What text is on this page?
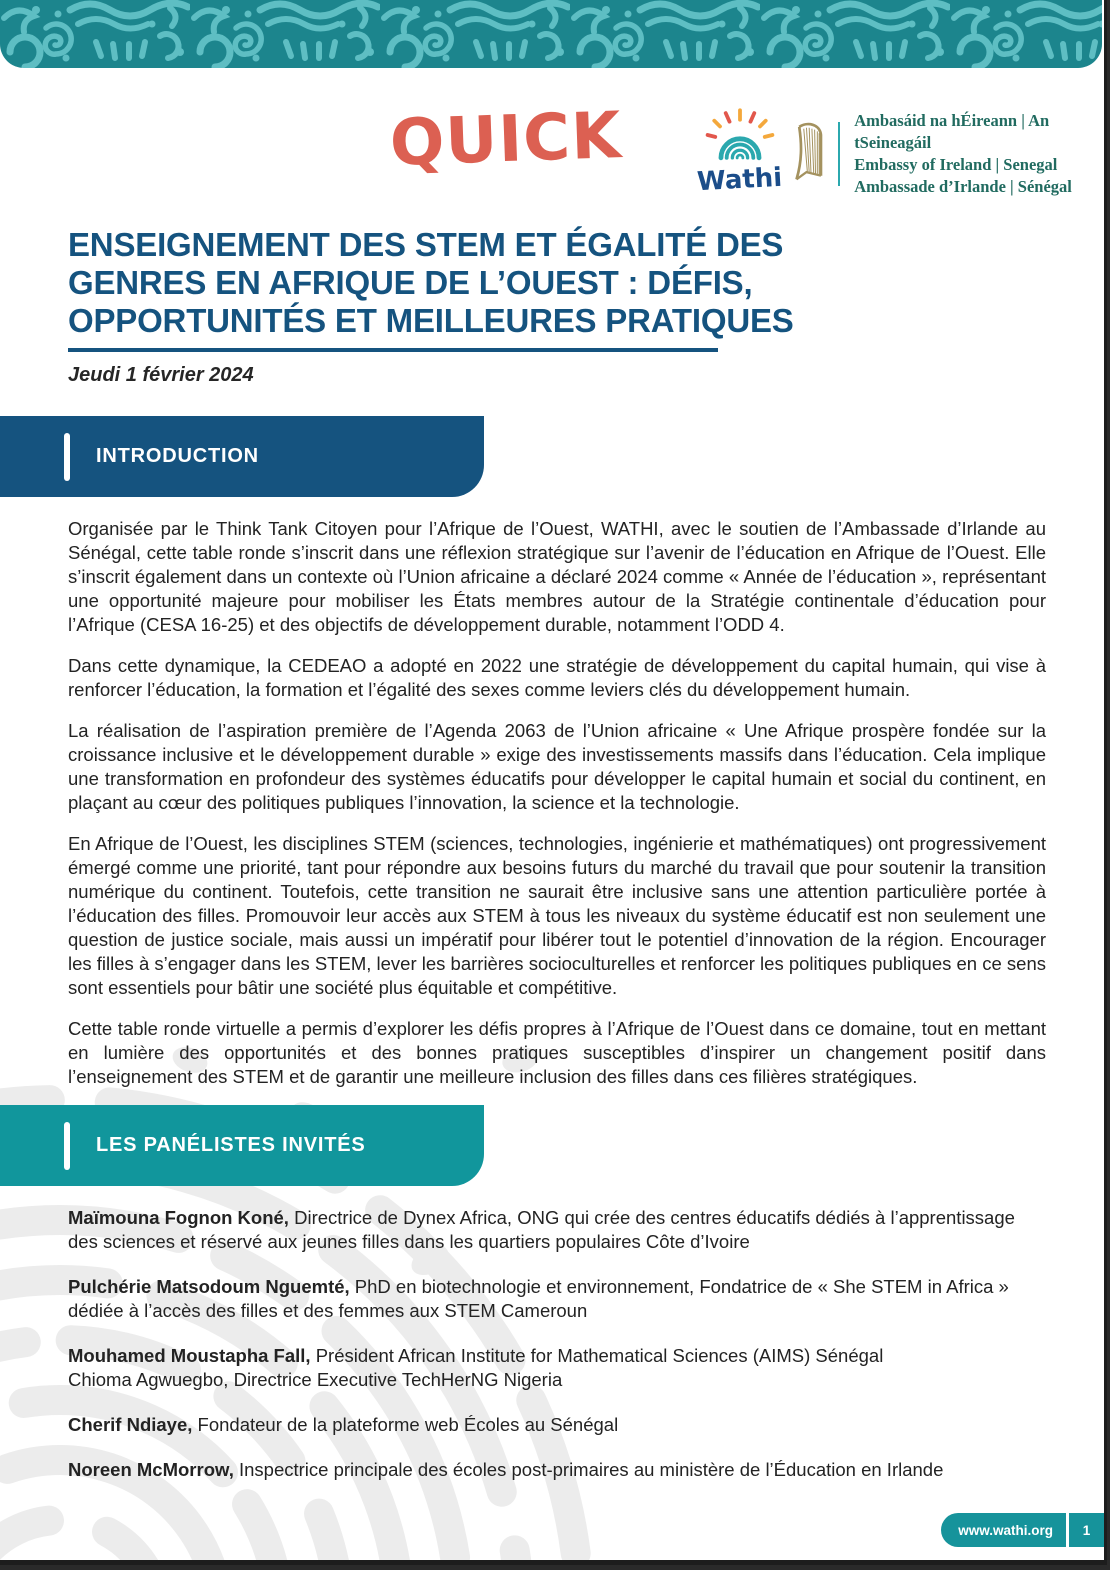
QUICK	Wathi
Ambasáid na hÉireann | An tSeineagáil
Embassy of Ireland | Senegal
Ambassade d’Irlande | Sénégal
ENSEIGNEMENT DES STEM ET ÉGALITÉ DES
GENRES EN AFRIQUE DE L’OUEST : DÉFIS,
OPPORTUNITÉS ET MEILLEURES PRATIQUES
Jeudi 1 février 2024
INTRODUCTION

Organisée par le Think Tank Citoyen pour l’Afrique de l’Ouest, WATHI, avec le soutien de l’Ambassade d’Irlande au Sénégal, cette table ronde s’inscrit dans une réflexion stratégique sur l’avenir de l’éducation en Afrique de l’Ouest. Elle s’inscrit également dans un contexte où l’Union africaine a déclaré 2024 comme « Année de l’éducation », représentant une opportunité majeure pour mobiliser les États membres autour de la Stratégie continentale d’éducation pour l’Afrique (CESA 16-25) et des objectifs de développement durable, notamment l’ODD 4.

Dans cette dynamique, la CEDEAO a adopté en 2022 une stratégie de développement du capital humain, qui vise à renforcer l’éducation, la formation et l’égalité des sexes comme leviers clés du développement humain.

La réalisation de l’aspiration première de l’Agenda 2063 de l’Union africaine « Une Afrique prospère fondée sur la croissance inclusive et le développement durable » exige des investissements massifs dans l’éducation. Cela implique une transformation en profondeur des systèmes éducatifs pour développer le capital humain et social du continent, en plaçant au cœur des politiques publiques l’innovation, la science et la technologie.

En Afrique de l’Ouest, les disciplines STEM (sciences, technologies, ingénierie et mathématiques) ont progressivement émergé comme une priorité, tant pour répondre aux besoins futurs du marché du travail que pour soutenir la transition numérique du continent. Toutefois, cette transition ne saurait être inclusive sans une attention particulière portée à l’éducation des filles. Promouvoir leur accès aux STEM à tous les niveaux du système éducatif est non seulement une question de justice sociale, mais aussi un impératif pour libérer tout le potentiel d’innovation de la région. Encourager les filles à s’engager dans les STEM, lever les barrières socioculturelles et renforcer les politiques publiques en ce sens sont essentiels pour bâtir une société plus équitable et compétitive.

Cette table ronde virtuelle a permis d’explorer les défis propres à l’Afrique de l’Ouest dans ce domaine, tout en mettant en lumière des opportunités et des bonnes pratiques susceptibles d’inspirer un changement positif dans l’enseignement des STEM et de garantir une meilleure inclusion des filles dans ces filières stratégiques.

LES PANÉLISTES INVITÉS
Maïmouna Fognon Koné, Directrice de Dynex Africa, ONG qui crée des centres éducatifs dédiés à l’apprentissage des sciences et réservé aux jeunes filles dans les quartiers populaires Côte d’Ivoire
Pulchérie Matsodoum Nguemté, PhD en biotechnologie et environnement, Fondatrice de « She STEM in Africa » dédiée à l’accès des filles et des femmes aux STEM Cameroun
Mouhamed Moustapha Fall, Président African Institute for Mathematical Sciences (AIMS) Sénégal
Chioma Agwuegbo, Directrice Executive TechHerNG Nigeria
Cherif Ndiaye, Fondateur de la plateforme web Écoles au Sénégal
Noreen McMorrow, Inspectrice principale des écoles post-primaires au ministère de l’Éducation en Irlande
www.wathi.org	1
